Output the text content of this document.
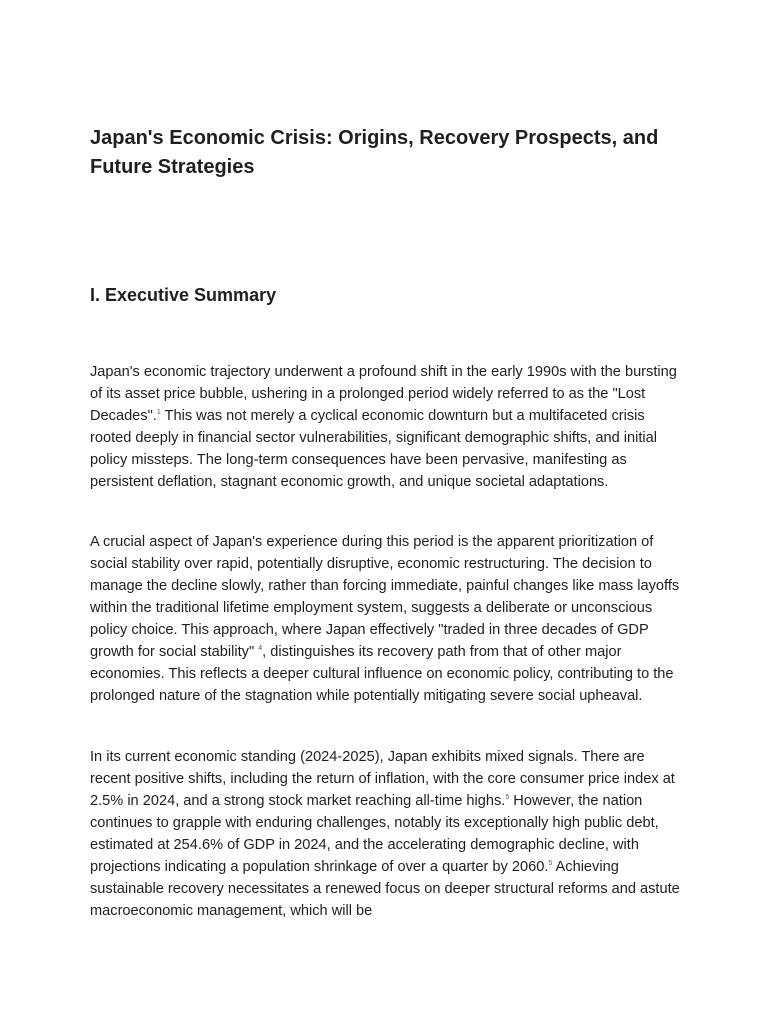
Japan's Economic Crisis: Origins, Recovery Prospects, and Future Strategies
I. Executive Summary

Japan's economic trajectory underwent a profound shift in the early 1990s with the bursting of its asset price bubble, ushering in a prolonged period widely referred to as the "Lost Decades".$^1$ This was not merely a cyclical economic downturn but a multifaceted crisis rooted deeply in financial sector vulnerabilities, significant demographic shifts, and initial policy missteps. The long-term consequences have been pervasive, manifesting as persistent deflation, stagnant economic growth, and unique societal adaptations.

A crucial aspect of Japan's experience during this period is the apparent prioritization of social stability over rapid, potentially disruptive, economic restructuring. The decision to manage the decline slowly, rather than forcing immediate, painful changes like mass layoffs within the traditional lifetime employment system, suggests a deliberate or unconscious policy choice. This approach, where Japan effectively "traded in three decades of GDP growth for social stability" $^4$, distinguishes its recovery path from that of other major economies. This reflects a deeper cultural influence on economic policy, contributing to the prolonged nature of the stagnation while potentially mitigating severe social upheaval.

In its current economic standing (2024-2025), Japan exhibits mixed signals. There are recent positive shifts, including the return of inflation, with the core consumer price index at 2.5% in 2024, and a strong stock market reaching all-time highs.$^5$ However, the nation continues to grapple with enduring challenges, notably its exceptionally high public debt, estimated at 254.6% of GDP in 2024, and the accelerating demographic decline, with projections indicating a population shrinkage of over a quarter by 2060.$^5$ Achieving sustainable recovery necessitates a renewed focus on deeper structural reforms and astute macroeconomic management, which will be
